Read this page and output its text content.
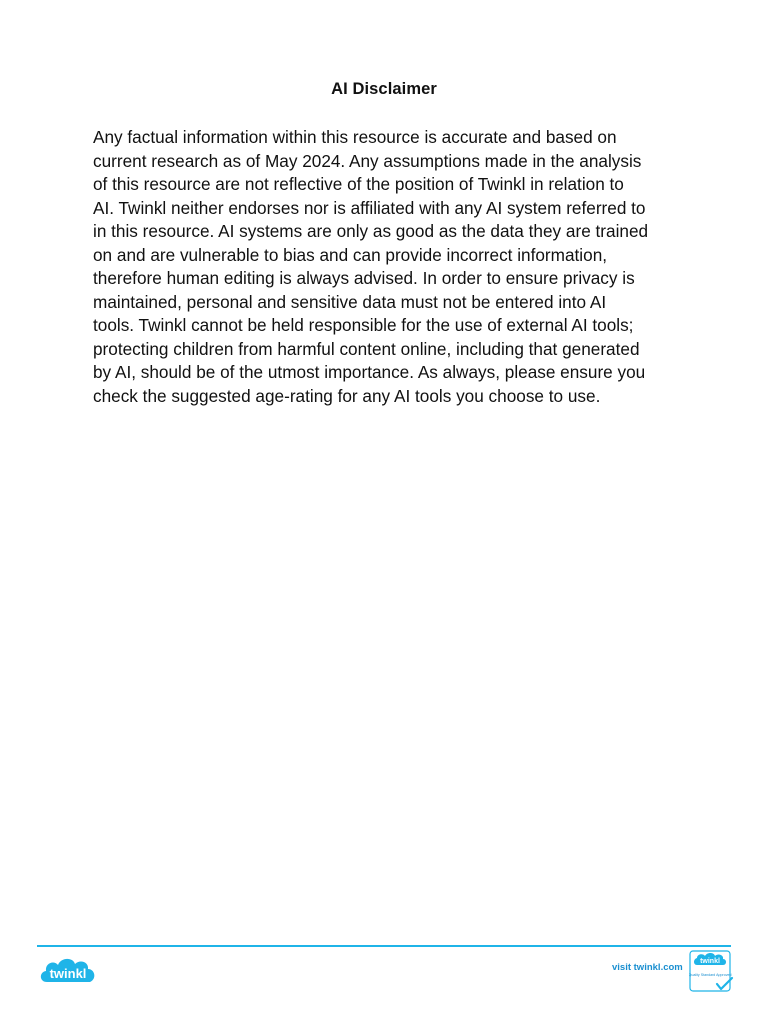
AI Disclaimer
Any factual information within this resource is accurate and based on
current research as of May 2024. Any assumptions made in the analysis
of this resource are not reflective of the position of Twinkl in relation to
AI. Twinkl neither endorses nor is affiliated with any AI system referred to
in this resource. AI systems are only as good as the data they are trained
on and are vulnerable to bias and can provide incorrect information,
therefore human editing is always advised. In order to ensure privacy is
maintained, personal and sensitive data must not be entered into AI
tools. Twinkl cannot be held responsible for the use of external AI tools;
protecting children from harmful content online, including that generated
by AI, should be of the utmost importance. As always, please ensure you
check the suggested age-rating for any AI tools you choose to use.
twinkl	visit twinkl.com
twinkl
Quality Standard Approved
